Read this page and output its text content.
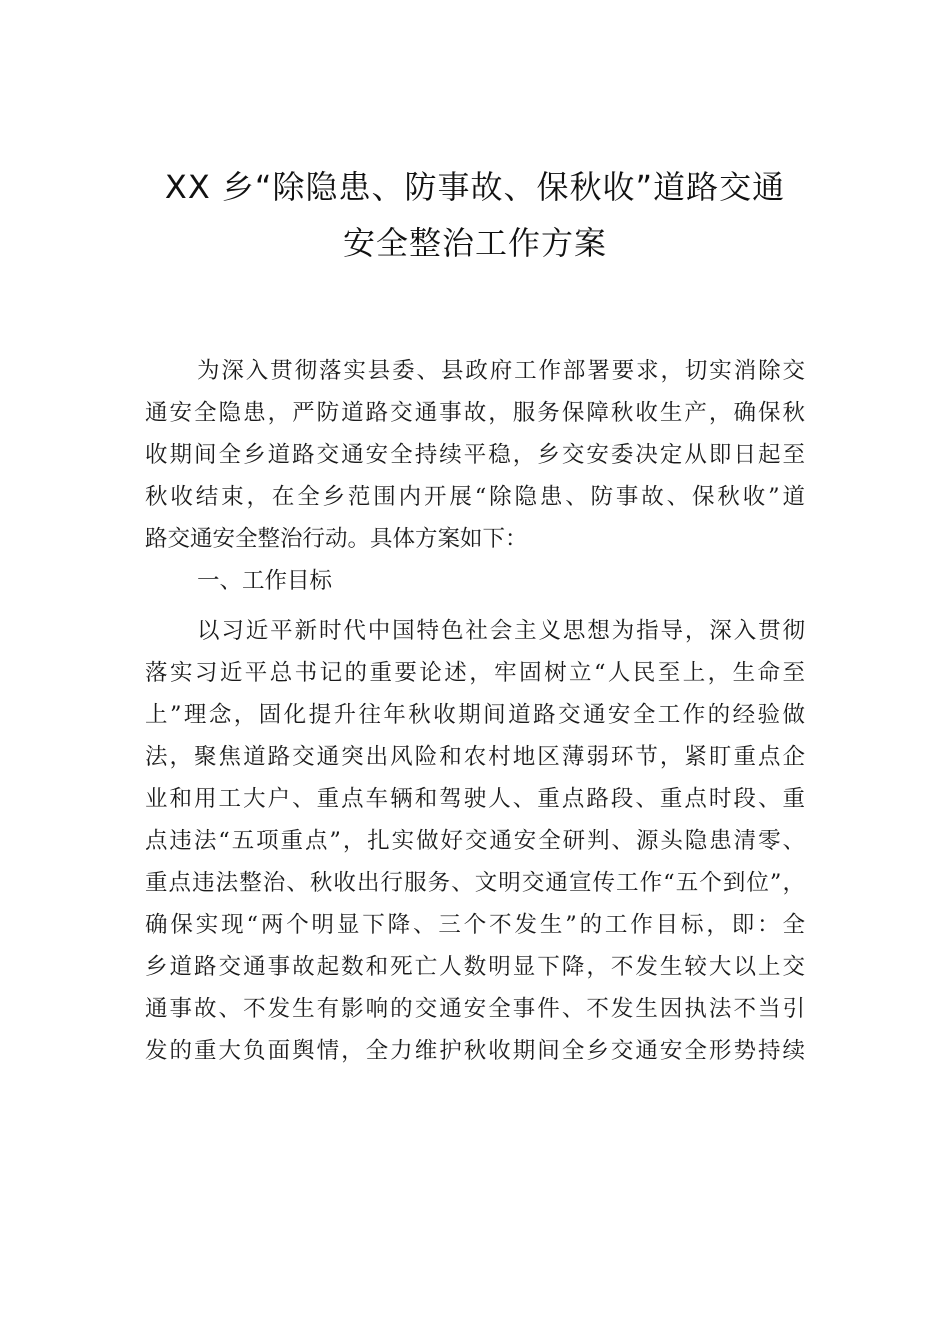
XX 乡“除隐患、防事故、保秋收”道路交通
安全整治工作方案
为深入贯彻落实县委、县政府工作部署要求，切实消除交
通安全隐患，严防道路交通事故，服务保障秋收生产，确保秋
收期间全乡道路交通安全持续平稳，乡交安委决定从即日起至
秋收结束，在全乡范围内开展“除隐患、防事故、保秋收”道
路交通安全整治行动。具体方案如下：
一、工作目标
以习近平新时代中国特色社会主义思想为指导，深入贯彻
落实习近平总书记的重要论述，牢固树立“人民至上，生命至
上”理念，固化提升往年秋收期间道路交通安全工作的经验做
法，聚焦道路交通突出风险和农村地区薄弱环节，紧盯重点企
业和用工大户、重点车辆和驾驶人、重点路段、重点时段、重
点违法“五项重点”，扎实做好交通安全研判、源头隐患清零、
重点违法整治、秋收出行服务、文明交通宣传工作“五个到位”，
确保实现“两个明显下降、三个不发生”的工作目标，即：全
乡道路交通事故起数和死亡人数明显下降，不发生较大以上交
通事故、不发生有影响的交通安全事件、不发生因执法不当引
发的重大负面舆情，全力维护秋收期间全乡交通安全形势持续
